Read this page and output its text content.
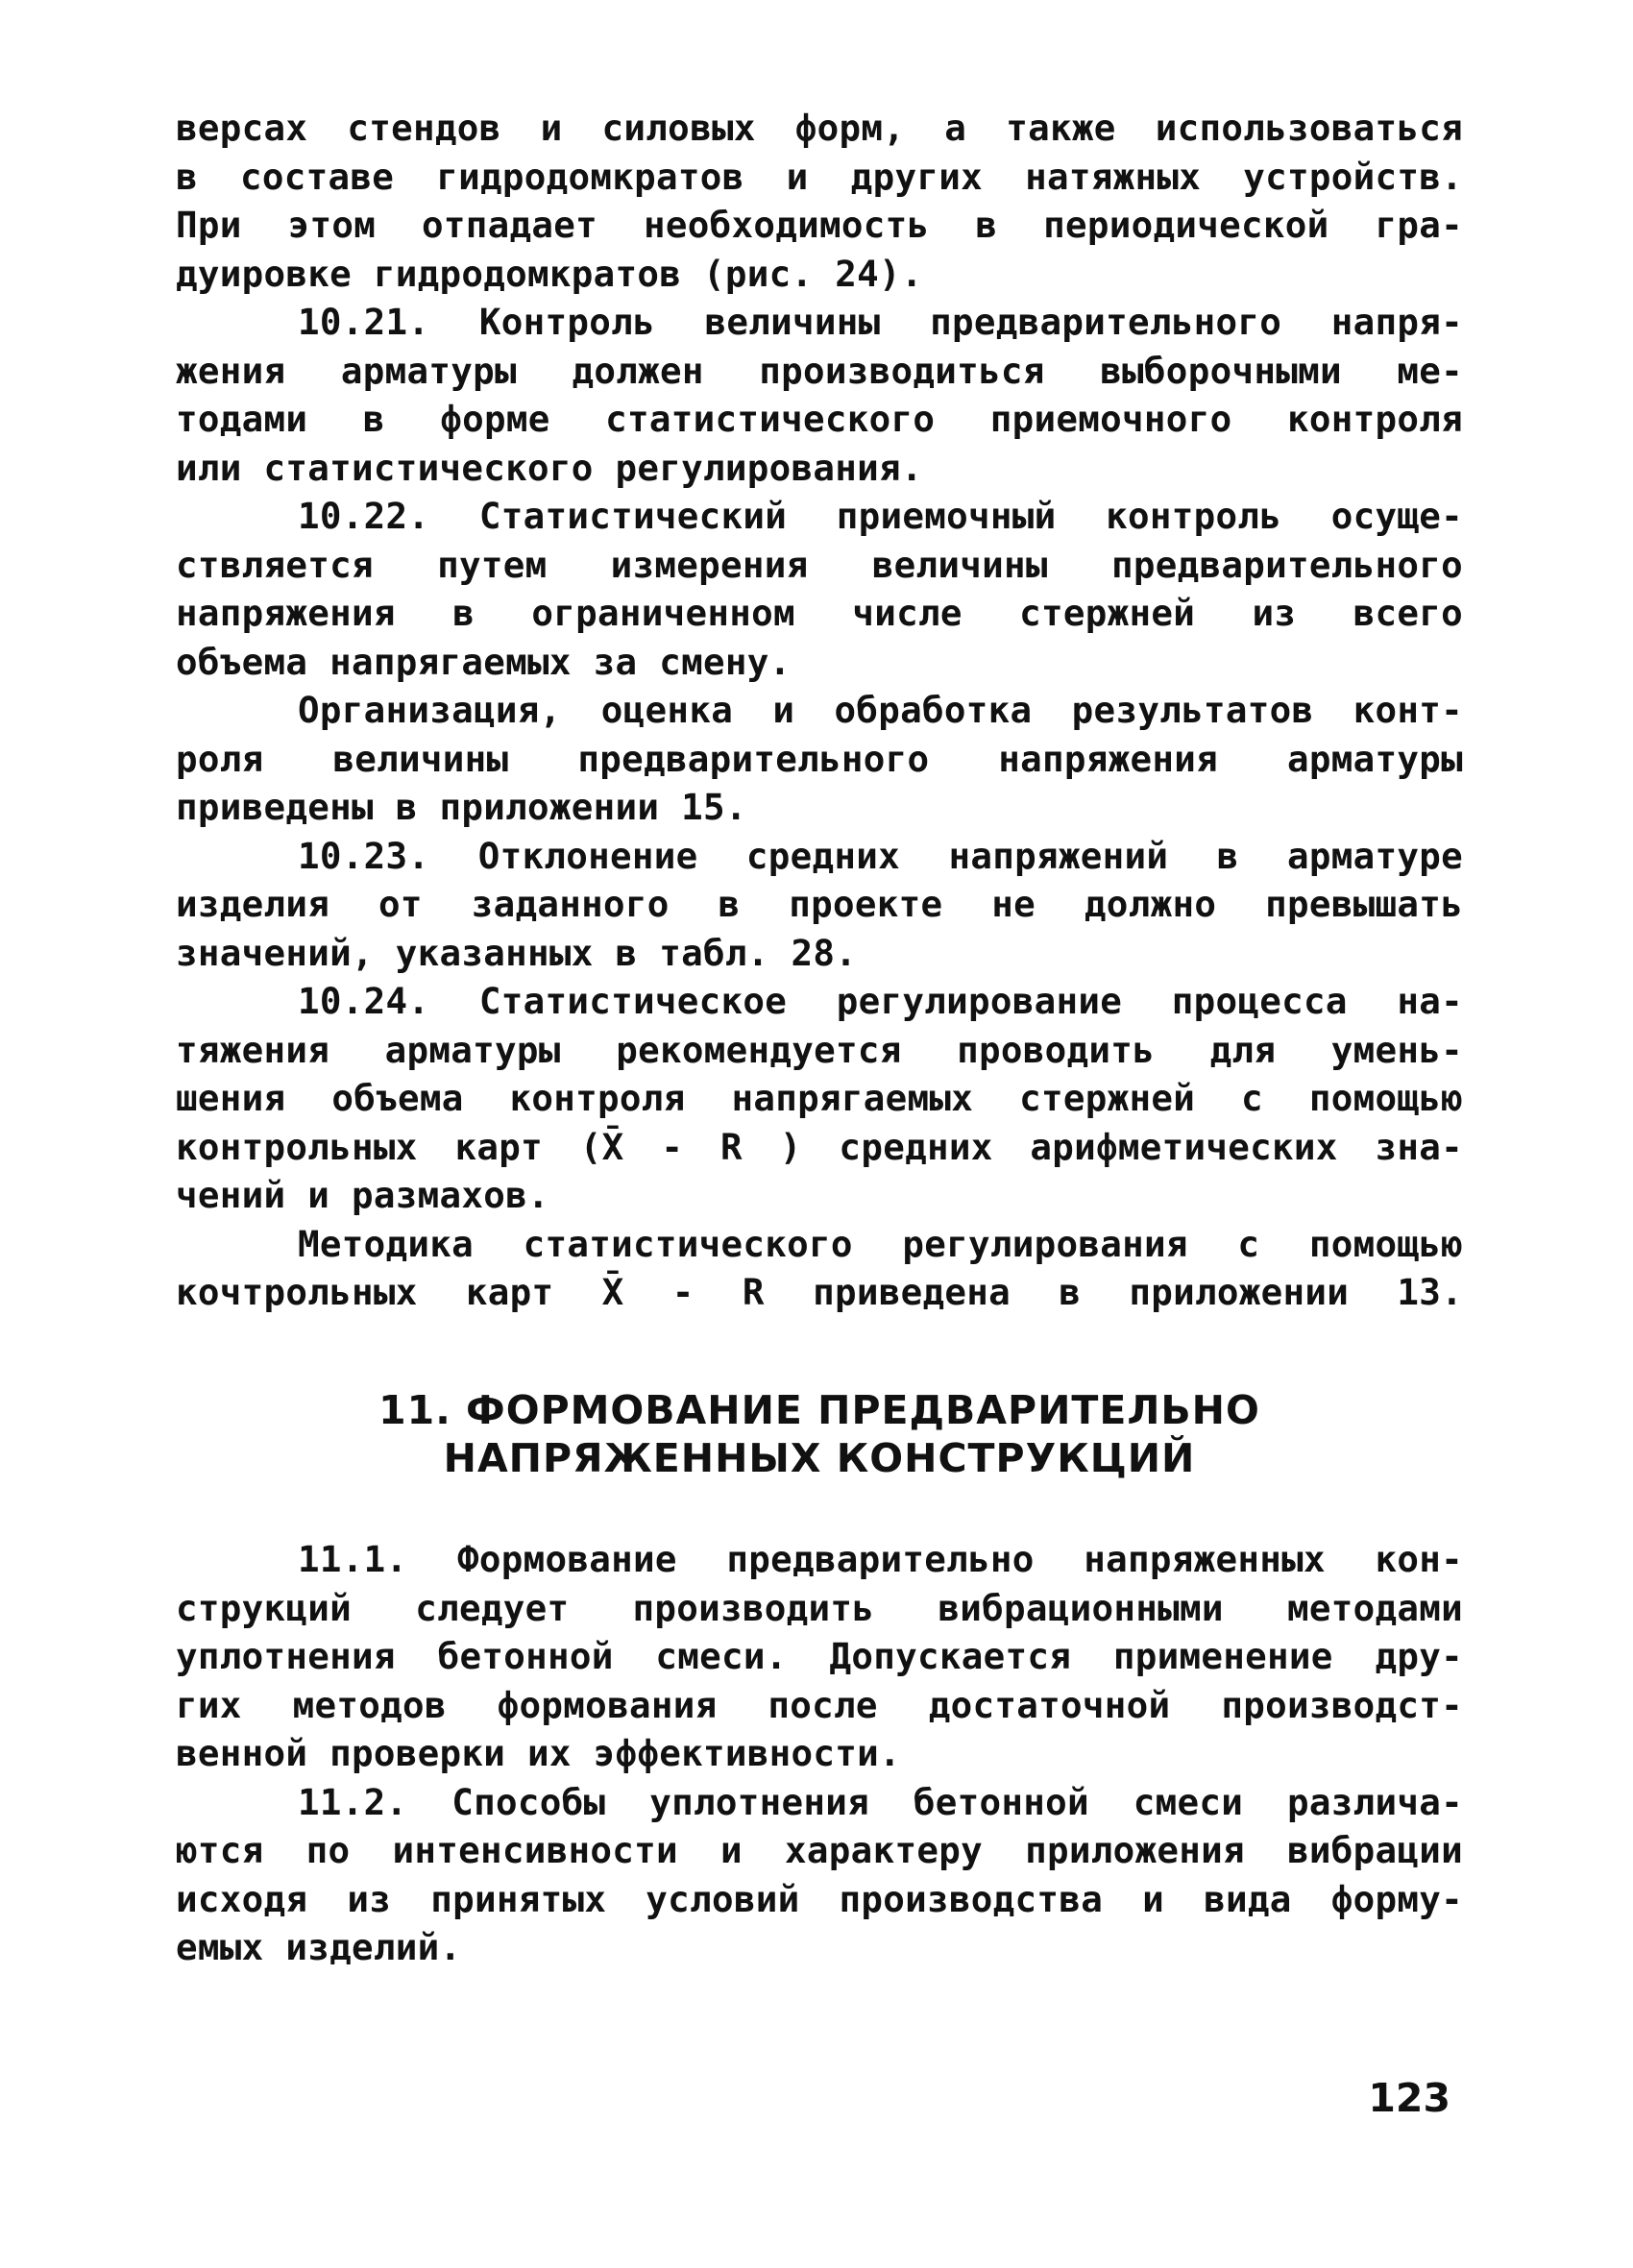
версах стендов и силовых форм, а также использоваться
в составе гидродомкратов и других натяжных устройств.
При этом отпадает необходимость в периодической гра-
дуировке гидродомкратов (рис. 24).
10.21. Контроль величины предварительного напря-
жения арматуры должен производиться выборочными ме-
тодами в форме статистического приемочного контроля
или статистического регулирования.
10.22. Статистический приемочный контроль осуще-
ствляется путем измерения величины предварительного
напряжения в ограниченном числе стержней из всего
объема напрягаемых за смену.
Организация, оценка и обработка результатов конт-
роля величины предварительного напряжения арматуры
приведены в приложении 15.
10.23. Отклонение средних напряжений в арматуре
изделия от заданного в проекте не должно превышать
значений, указанных в табл. 28.
10.24. Статистическое регулирование процесса на-
тяжения арматуры рекомендуется проводить для умень-
шения объема контроля напрягаемых стержней с помощью
контрольных карт (X̄ - R ) средних арифметических зна-
чений и размахов.
Методика статистического регулирования с помощью
кочтрольных карт X̄ - R приведена в приложении 13.
11. ФОРМОВАНИЕ ПРЕДВАРИТЕЛЬНО
НАПРЯЖЕННЫХ КОНСТРУКЦИЙ
11.1. Формование предварительно напряженных кон-
струкций следует производить вибрационными методами
уплотнения бетонной смеси. Допускается применение дру-
гих методов формования после достаточной производст-
венной проверки их эффективности.
11.2. Способы уплотнения бетонной смеси различа-
ются по интенсивности и характеру приложения вибрации
исходя из принятых условий производства и вида форму-
емых изделий.
123
